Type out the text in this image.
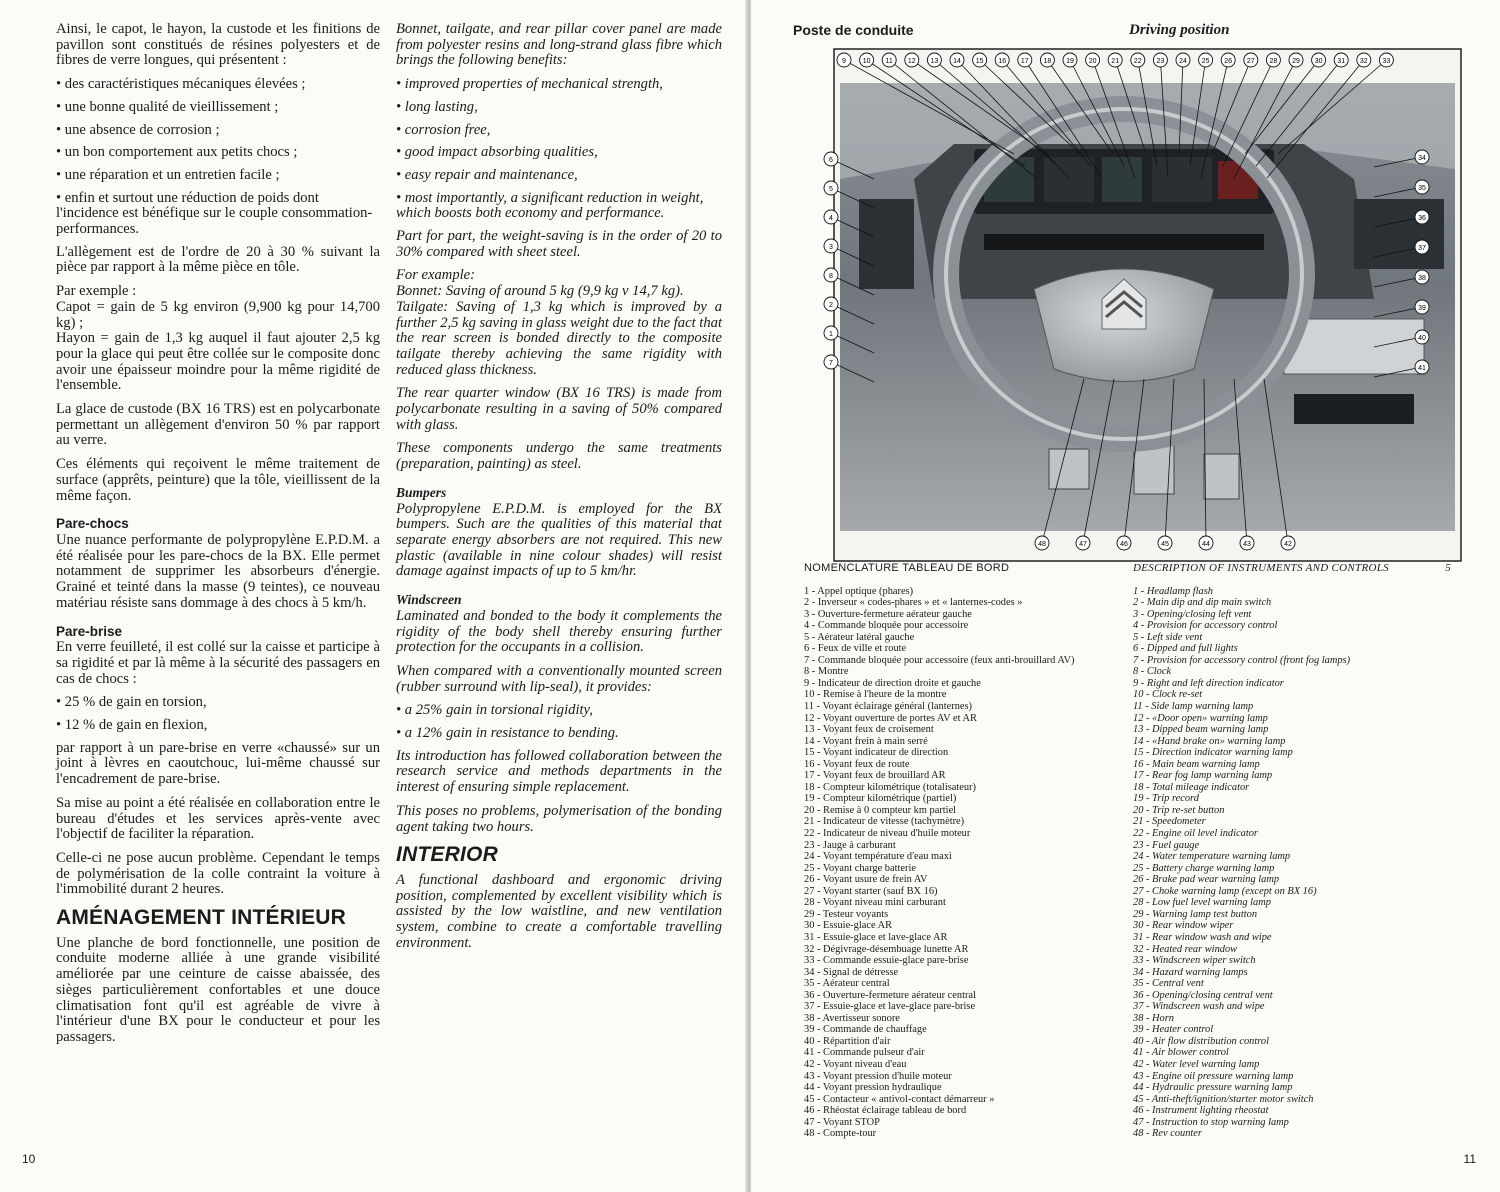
Ainsi, le capot, le hayon, la custode et les finitions de pavillon sont constitués de résines polyesters et de fibres de verre longues, qui présentent :

• des caractéristiques mécaniques élevées ;
• une bonne qualité de vieillissement ;
• une absence de corrosion ;
• un bon comportement aux petits chocs ;
• une réparation et un entretien facile ;
• enfin et surtout une réduction de poids dont l'incidence est bénéfique sur le couple consommation-performances.

L'allègement est de l'ordre de 20 à 30 % suivant la pièce par rapport à la même pièce en tôle.

Par exemple :

Capot = gain de 5 kg environ (9,900 kg pour 14,700 kg) ;

Hayon = gain de 1,3 kg auquel il faut ajouter 2,5 kg pour la glace qui peut être collée sur le composite donc avoir une épaisseur moindre pour la même rigidité de l'ensemble.

La glace de custode (BX 16 TRS) est en polycarbonate permettant un allègement d'environ 50 % par rapport au verre.

Ces éléments qui reçoivent le même traitement de surface (apprêts, peinture) que la tôle, vieillissent de la même façon.

Pare-chocs

Une nuance performante de polypropylène E.P.D.M. a été réalisée pour les pare-chocs de la BX. Elle permet notamment de supprimer les absorbeurs d'énergie. Grainé et teinté dans la masse (9 teintes), ce nouveau matériau résiste sans dommage à des chocs à 5 km/h.

Pare-brise

En verre feuilleté, il est collé sur la caisse et participe à sa rigidité et par là même à la sécurité des passagers en cas de chocs :

• 25 % de gain en torsion,
• 12 % de gain en flexion,

par rapport à un pare-brise en verre «chaussé» sur un joint à lèvres en caoutchouc, lui-même chaussé sur l'encadrement de pare-brise.

Sa mise au point a été réalisée en collaboration entre le bureau d'études et les services après-vente avec l'objectif de faciliter la réparation.

Celle-ci ne pose aucun problème. Cependant le temps de polymérisation de la colle contraint la voiture à l'immobilité durant 2 heures.

AMÉNAGEMENT INTÉRIEUR

Une planche de bord fonctionnelle, une position de conduite moderne alliée à une grande visibilité améliorée par une ceinture de caisse abaissée, des sièges particulièrement confortables et une douce climatisation font qu'il est agréable de vivre à l'intérieur d'une BX pour le conducteur et pour les passagers.

Bonnet, tailgate, and rear pillar cover panel are made from polyester resins and long-strand glass fibre which brings the following benefits:

• improved properties of mechanical strength,
• long lasting,
• corrosion free,
• good impact absorbing qualities,
• easy repair and maintenance,
• most importantly, a significant reduction in weight, which boosts both economy and performance.

Part for part, the weight-saving is in the order of 20 to 30% compared with sheet steel.

For example:

Bonnet: Saving of around 5 kg (9,9 kg v 14,7 kg).

Tailgate: Saving of 1,3 kg which is improved by a further 2,5 kg saving in glass weight due to the fact that the rear screen is bonded directly to the composite tailgate thereby achieving the same rigidity with reduced glass thickness.

The rear quarter window (BX 16 TRS) is made from polycarbonate resulting in a saving of 50% compared with glass.

These components undergo the same treatments (preparation, painting) as steel.

Bumpers

Polypropylene E.P.D.M. is employed for the BX bumpers. Such are the qualities of this material that separate energy absorbers are not required. This new plastic (available in nine colour shades) will resist damage against impacts of up to 5 km/hr.

Windscreen

Laminated and bonded to the body it complements the rigidity of the body shell thereby ensuring further protection for the occupants in a collision.

When compared with a conventionally mounted screen (rubber surround with lip-seal), it provides:

• a 25% gain in torsional rigidity,
• a 12% gain in resistance to bending.

Its introduction has followed collaboration between the research service and methods departments in the interest of ensuring simple replacement.

This poses no problems, polymerisation of the bonding agent taking two hours.

INTERIOR

A functional dashboard and ergonomic driving position, complemented by excellent visibility which is assisted by the low waistline, and new ventilation system, combine to create a comfortable travelling environment.

10
Poste de conduite	Driving position
9 10 11 12 13 14 15 16 17 18 19 20 21 22 23 24 25 26 27 28 29 30 31 32 33
6
5
4
3
8
2
1
7
34
35
36
37
38
39
40
41
48	47	46	45	44	43	42
NOMENCLATURE TABLEAU DE BORD
1 - Appel optique (phares)
2 - Inverseur « codes-phares » et « lanternes-codes »
3 - Ouverture-fermeture aérateur gauche
4 - Commande bloquée pour accessoire
5 - Aérateur latéral gauche
6 - Feux de ville et route
7 - Commande bloquée pour accessoire (feux anti-brouillard AV)
8 - Montre
9 - Indicateur de direction droite et gauche
10 - Remise à l'heure de la montre
11 - Voyant éclairage général (lanternes)
12 - Voyant ouverture de portes AV et AR
13 - Voyant feux de croisement
14 - Voyant frein à main serré
15 - Voyant indicateur de direction
16 - Voyant feux de route
17 - Voyant feux de brouillard AR
18 - Compteur kilométrique (totalisateur)
19 - Compteur kilométrique (partiel)
20 - Remise à 0 compteur km partiel
21 - Indicateur de vitesse (tachymètre)
22 - Indicateur de niveau d'huile moteur
23 - Jauge à carburant
24 - Voyant température d'eau maxi
25 - Voyant charge batterie
26 - Voyant usure de frein AV
27 - Voyant starter (sauf BX 16)
28 - Voyant niveau mini carburant
29 - Testeur voyants
30 - Essuie-glace AR
31 - Essuie-glace et lave-glace AR
32 - Dégivrage-désembuage lunette AR
33 - Commande essuie-glace pare-brise
34 - Signal de détresse
35 - Aérateur central
36 - Ouverture-fermeture aérateur central
37 - Essuie-glace et lave-glace pare-brise
38 - Avertisseur sonore
39 - Commande de chauffage
40 - Répartition d'air
41 - Commande pulseur d'air
42 - Voyant niveau d'eau
43 - Voyant pression d'huile moteur
44 - Voyant pression hydraulique
45 - Contacteur « antivol-contact démarreur »
46 - Rhéostat éclairage tableau de bord
47 - Voyant STOP
48 - Compte-tour
DESCRIPTION OF INSTRUMENTS AND CONTROLS	5
1 - Headlamp flash
2 - Main dip and dip main switch
3 - Opening/closing left vent
4 - Provision for accessory control
5 - Left side vent
6 - Dipped and full lights
7 - Provision for accessory control (front fog lamps)
8 - Clock
9 - Right and left direction indicator
10 - Clock re-set
11 - Side lamp warning lamp
12 - «Door open» warning lamp
13 - Dipped beam warning lamp
14 - «Hand brake on» warning lamp
15 - Direction indicator warning lamp
16 - Main beam warning lamp
17 - Rear fog lamp warning lamp
18 - Total mileage indicator
19 - Trip record
20 - Trip re-set button
21 - Speedometer
22 - Engine oil level indicator
23 - Fuel gauge
24 - Water temperature warning lamp
25 - Battery charge warning lamp
26 - Brake pad wear warning lamp
27 - Choke warning lamp (except on BX 16)
28 - Low fuel level warning lamp
29 - Warning lamp test button
30 - Rear window wiper
31 - Rear window wash and wipe
32 - Heated rear window
33 - Windscreen wiper switch
34 - Hazard warning lamps
35 - Central vent
36 - Opening/closing central vent
37 - Windscreen wash and wipe
38 - Horn
39 - Heater control
40 - Air flow distribution control
41 - Air blower control
42 - Water level warning lamp
43 - Engine oil pressure warning lamp
44 - Hydraulic pressure warning lamp
45 - Anti-theft/ignition/starter motor switch
46 - Instrument lighting rheostat
47 - Instruction to stop warning lamp
48 - Rev counter
11
